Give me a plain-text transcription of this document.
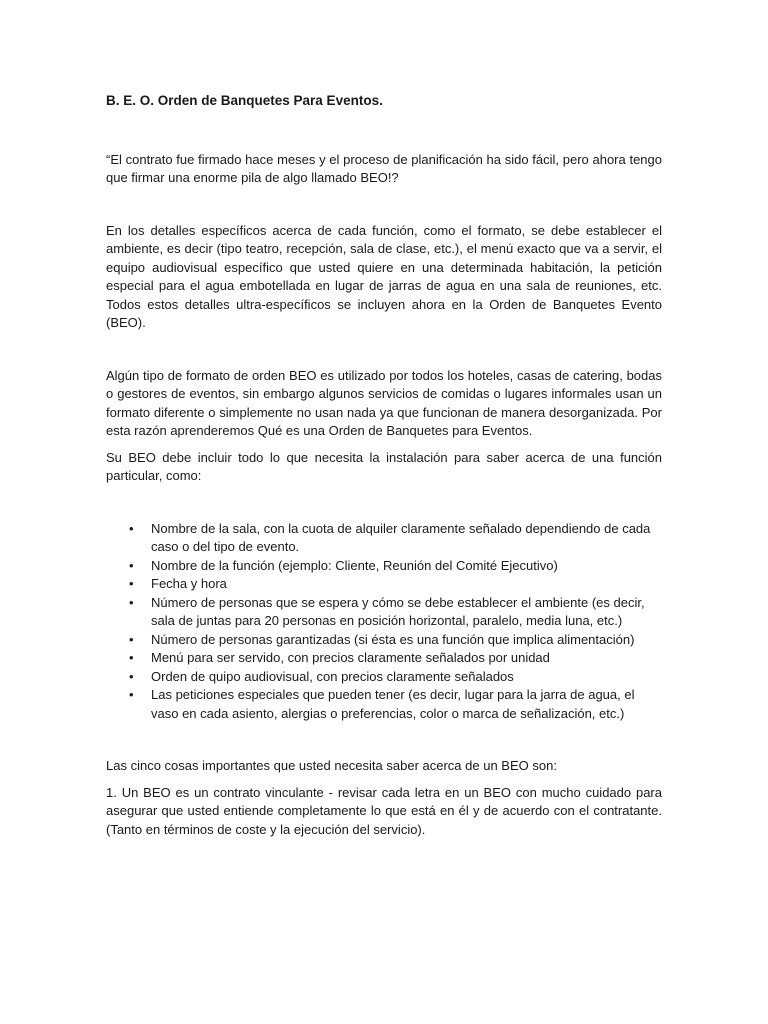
B. E. O. Orden de Banquetes Para Eventos.

“El contrato fue firmado hace meses y el proceso de planificación ha sido fácil, pero ahora tengo que firmar una enorme pila de algo llamado BEO!?

En los detalles específicos acerca de cada función, como el formato, se debe establecer el ambiente, es decir (tipo teatro, recepción, sala de clase, etc.), el menú exacto que va a servir, el equipo audiovisual específico que usted quiere en una determinada habitación, la petición especial para el agua embotellada en lugar de jarras de agua en una sala de reuniones, etc. Todos estos detalles ultra-específicos se incluyen ahora en la Orden de Banquetes Evento (BEO).

Algún tipo de formato de orden BEO es utilizado por todos los hoteles, casas de catering, bodas o gestores de eventos, sin embargo algunos servicios de comidas o lugares informales usan un formato diferente o simplemente no usan nada ya que funcionan de manera desorganizada. Por esta razón aprenderemos Qué es una Orden de Banquetes para Eventos.

Su BEO debe incluir todo lo que necesita la instalación para saber acerca de una función particular, como:

• Nombre de la sala, con la cuota de alquiler claramente señalado dependiendo de cada caso o del tipo de evento.
• Nombre de la función (ejemplo: Cliente, Reunión del Comité Ejecutivo)
• Fecha y hora
• Número de personas que se espera y cómo se debe establecer el ambiente (es decir, sala de juntas para 20 personas en posición horizontal, paralelo, media luna, etc.)
• Número de personas garantizadas (si ésta es una función que implica alimentación)
• Menú para ser servido, con precios claramente señalados por unidad
• Orden de quipo audiovisual, con precios claramente señalados
• Las peticiones especiales que pueden tener (es decir, lugar para la jarra de agua, el vaso en cada asiento, alergias o preferencias, color o marca de señalización, etc.)

Las cinco cosas importantes que usted necesita saber acerca de un BEO son:

1. Un BEO es un contrato vinculante - revisar cada letra en un BEO con mucho cuidado para asegurar que usted entiende completamente lo que está en él y de acuerdo con el contratante. (Tanto en términos de coste y la ejecución del servicio).
